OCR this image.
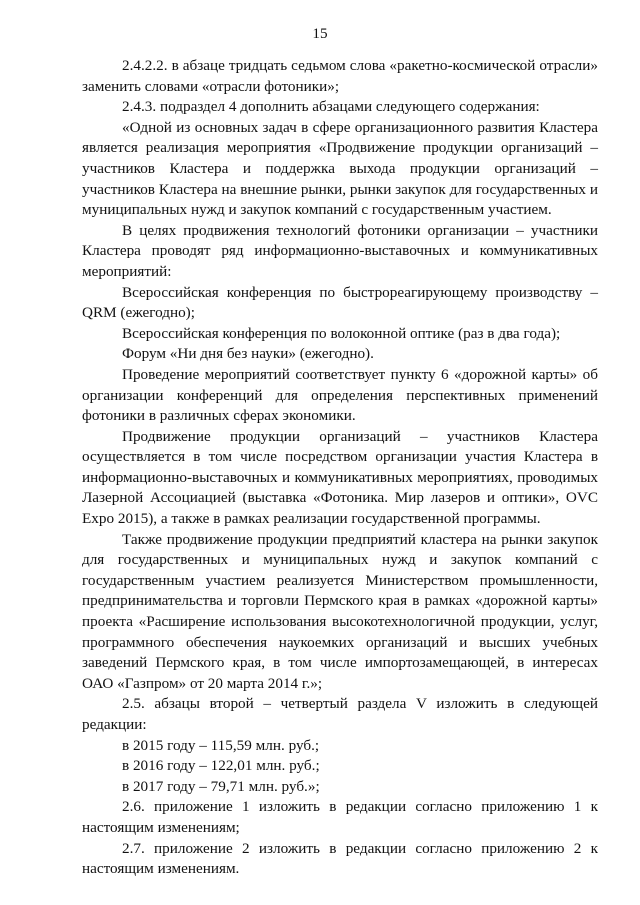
15

2.4.2.2. в абзаце тридцать седьмом слова «ракетно-космической отрасли» заменить словами «отрасли фотоники»;

2.4.3. подраздел 4 дополнить абзацами следующего содержания:

«Одной из основных задач в сфере организационного развития Кластера является реализация мероприятия «Продвижение продукции организаций – участников Кластера и поддержка выхода продукции организаций – участников Кластера на внешние рынки, рынки закупок для государственных и муниципальных нужд и закупок компаний с государственным участием.

В целях продвижения технологий фотоники организации – участники Кластера проводят ряд информационно-выставочных и коммуникативных мероприятий:

Всероссийская конференция по быстрореагирующему производству – QRM (ежегодно);

Всероссийская конференция по волоконной оптике (раз в два года);

Форум «Ни дня без науки» (ежегодно).

Проведение мероприятий соответствует пункту 6 «дорожной карты» об организации конференций для определения перспективных применений фотоники в различных сферах экономики.

Продвижение продукции организаций – участников Кластера осуществляется в том числе посредством организации участия Кластера в информационно-выставочных и коммуникативных мероприятиях, проводимых Лазерной Ассоциацией (выставка «Фотоника. Мир лазеров и оптики», OVC Expo 2015), а также в рамках реализации государственной программы.

Также продвижение продукции предприятий кластера на рынки закупок для государственных и муниципальных нужд и закупок компаний с государственным участием реализуется Министерством промышленности, предпринимательства и торговли Пермского края в рамках «дорожной карты» проекта «Расширение использования высокотехнологичной продукции, услуг, программного обеспечения наукоемких организаций и высших учебных заведений Пермского края, в том числе импортозамещающей, в интересах ОАО «Газпром» от 20 марта 2014 г.»;

2.5. абзацы второй – четвертый раздела V изложить в следующей редакции:

в 2015 году – 115,59 млн. руб.;

в 2016 году – 122,01 млн. руб.;

в 2017 году – 79,71 млн. руб.»;

2.6. приложение 1 изложить в редакции согласно приложению 1 к настоящим изменениям;

2.7. приложение 2 изложить в редакции согласно приложению 2 к настоящим изменениям.
